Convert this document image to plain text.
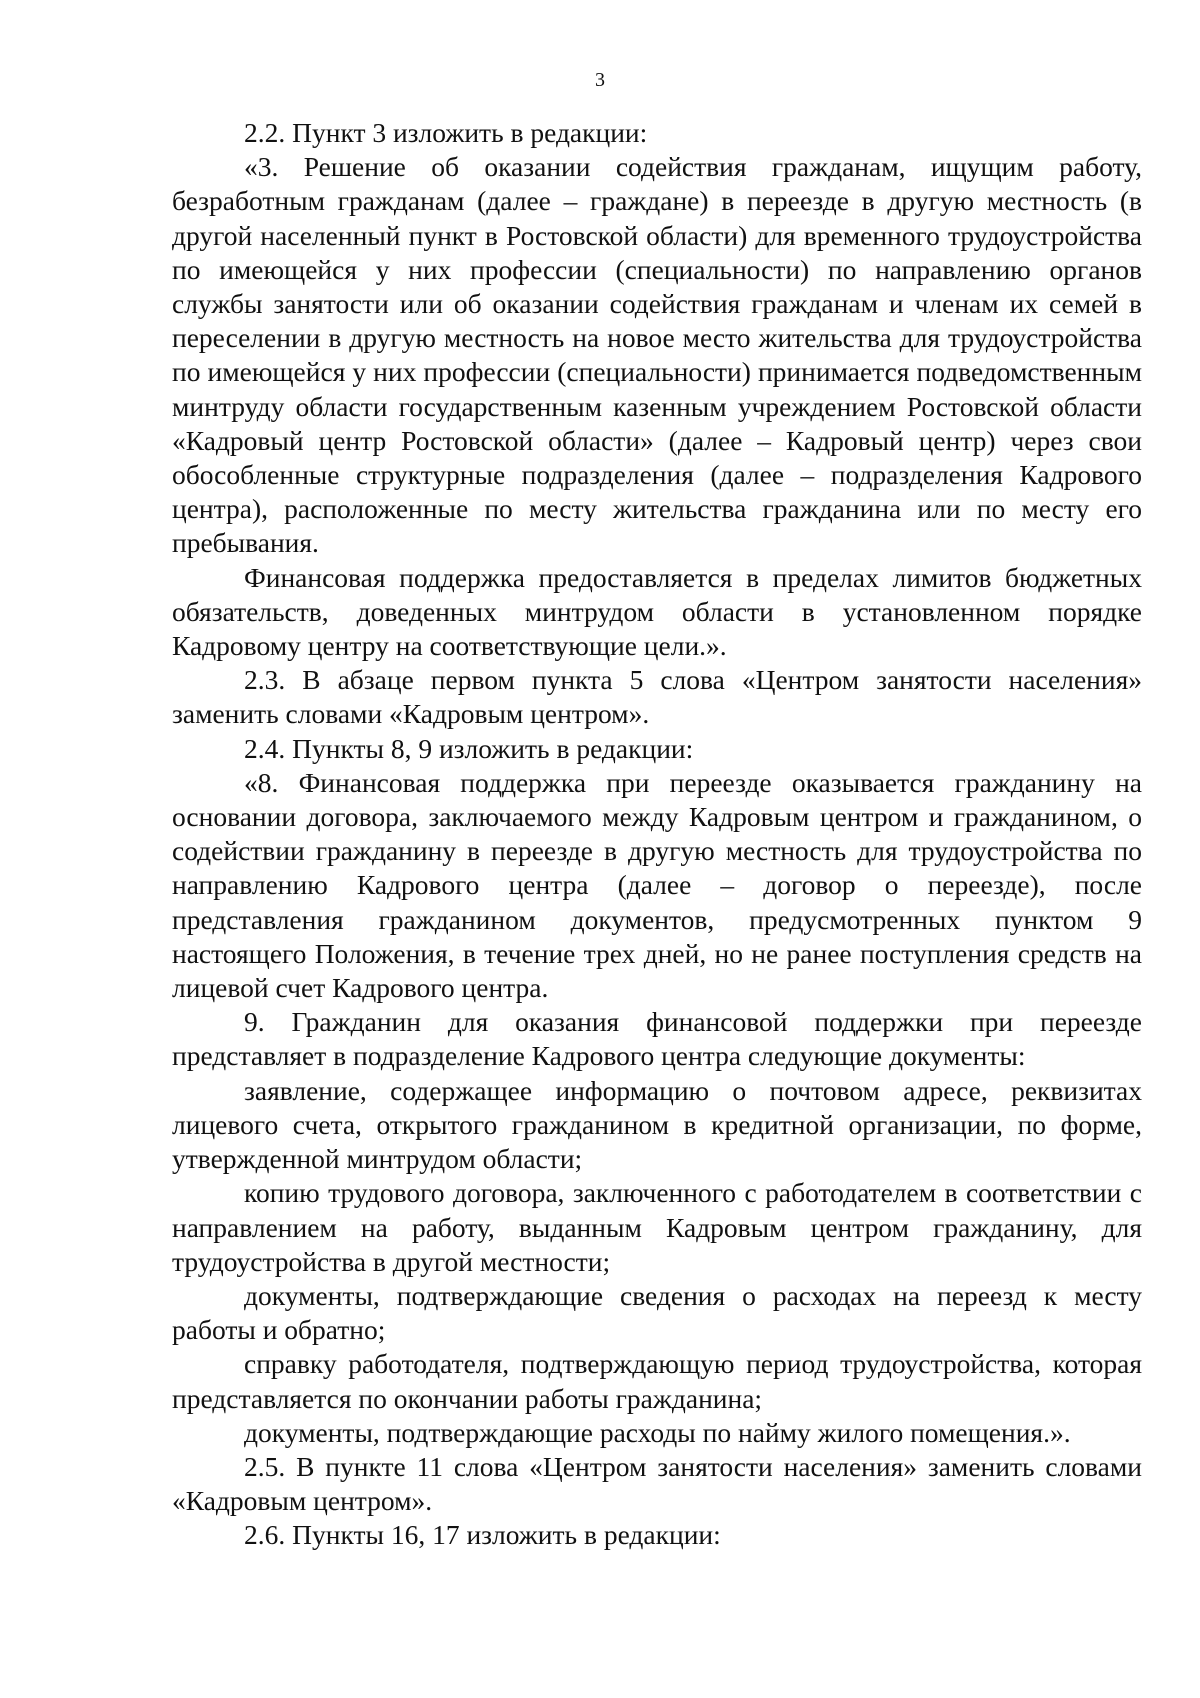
3

2.2. Пункт 3 изложить в редакции:

«3. Решение об оказании содействия гражданам, ищущим работу, безработным гражданам (далее – граждане) в переезде в другую местность (в другой населенный пункт в Ростовской области) для временного трудоустройства по имеющейся у них профессии (специальности) по направлению органов службы занятости или об оказании содействия гражданам и членам их семей в переселении в другую местность на новое место жительства для трудоустройства по имеющейся у них профессии (специальности) принимается подведомственным минтруду области государственным казенным учреждением Ростовской области «Кадровый центр Ростовской области» (далее – Кадровый центр) через свои обособленные структурные подразделения (далее – подразделения Кадрового центра), расположенные по месту жительства гражданина или по месту его пребывания.

Финансовая поддержка предоставляется в пределах лимитов бюджетных обязательств, доведенных минтрудом области в установленном порядке Кадровому центру на соответствующие цели.».

2.3. В абзаце первом пункта 5 слова «Центром занятости населения» заменить словами «Кадровым центром».

2.4. Пункты 8, 9 изложить в редакции:

«8. Финансовая поддержка при переезде оказывается гражданину на основании договора, заключаемого между Кадровым центром и гражданином, о содействии гражданину в переезде в другую местность для трудоустройства по направлению Кадрового центра (далее – договор о переезде), после представления гражданином документов, предусмотренных пунктом 9 настоящего Положения, в течение трех дней, но не ранее поступления средств на лицевой счет Кадрового центра.

9. Гражданин для оказания финансовой поддержки при переезде представляет в подразделение Кадрового центра следующие документы:

заявление, содержащее информацию о почтовом адресе, реквизитах лицевого счета, открытого гражданином в кредитной организации, по форме, утвержденной минтрудом области;

копию трудового договора, заключенного с работодателем в соответствии с направлением на работу, выданным Кадровым центром гражданину, для трудоустройства в другой местности;

документы, подтверждающие сведения о расходах на переезд к месту работы и обратно;

справку работодателя, подтверждающую период трудоустройства, которая представляется по окончании работы гражданина;

документы, подтверждающие расходы по найму жилого помещения.».

2.5. В пункте 11 слова «Центром занятости населения» заменить словами «Кадровым центром».

2.6. Пункты 16, 17 изложить в редакции:
